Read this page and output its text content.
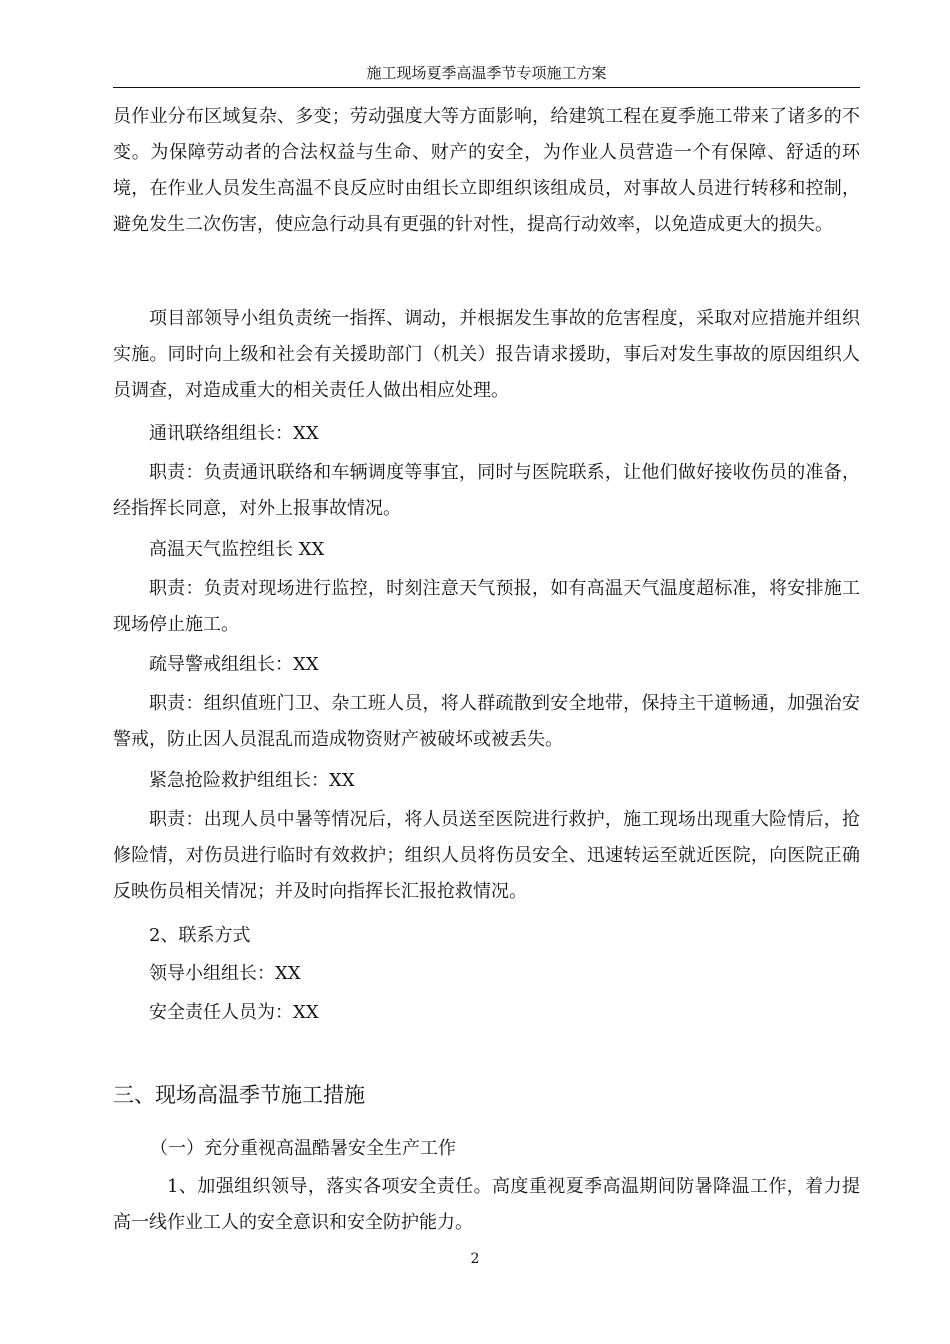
施工现场夏季高温季节专项施工方案

员作业分布区域复杂、多变；劳动强度大等方面影响，给建筑工程在夏季施工带来了诸多的不变。为保障劳动者的合法权益与生命、财产的安全，为作业人员营造一个有保障、舒适的环境，在作业人员发生高温不良反应时由组长立即组织该组成员，对事故人员进行转移和控制，避免发生二次伤害，使应急行动具有更强的针对性，提高行动效率，以免造成更大的损失。

项目部领导小组负责统一指挥、调动，并根据发生事故的危害程度，采取对应措施并组织实施。同时向上级和社会有关援助部门（机关）报告请求援助，事后对发生事故的原因组织人员调查，对造成重大的相关责任人做出相应处理。

通讯联络组组长：XX

职责：负责通讯联络和车辆调度等事宜，同时与医院联系，让他们做好接收伤员的准备，经指挥长同意，对外上报事故情况。

高温天气监控组长 XX

职责：负责对现场进行监控，时刻注意天气预报，如有高温天气温度超标准，将安排施工现场停止施工。

疏导警戒组组长：XX

职责：组织值班门卫、杂工班人员，将人群疏散到安全地带，保持主干道畅通，加强治安警戒，防止因人员混乱而造成物资财产被破坏或被丢失。

紧急抢险救护组组长：XX

职责：出现人员中暑等情况后，将人员送至医院进行救护，施工现场出现重大险情后，抢修险情，对伤员进行临时有效救护；组织人员将伤员安全、迅速转运至就近医院，向医院正确反映伤员相关情况；并及时向指挥长汇报抢救情况。

2、联系方式

领导小组组长：XX

安全责任人员为：XX

三、现场高温季节施工措施

（一）充分重视高温酷暑安全生产工作

1、加强组织领导，落实各项安全责任。高度重视夏季高温期间防暑降温工作，着力提高一线作业工人的安全意识和安全防护能力。

2
